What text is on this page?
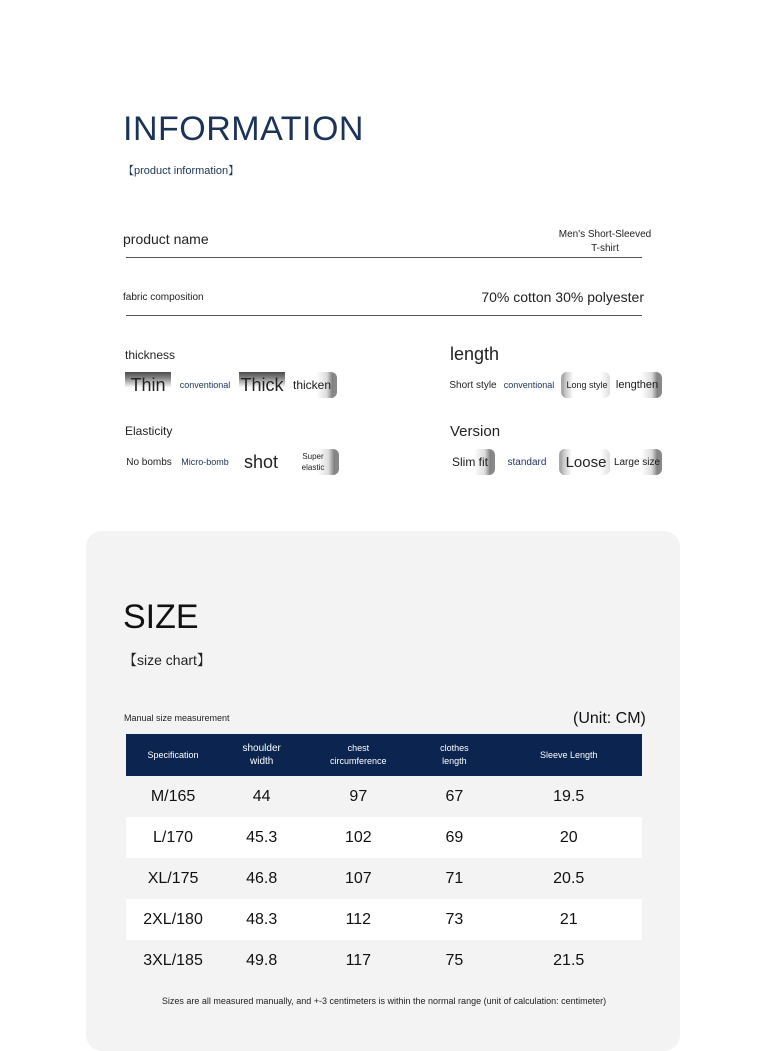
INFORMATION
【product information】
product name	Men's Short-Sleeved
T-shirt
fabric composition	70% cotton 30% polyester
thickness
Thin	conventional Thick thicken
length
Short style conventional	Long style lengthen
Elasticity
No bombs Micro-bomb shot	Super elastic
Version
Slim fit	standard	Loose Large size
SIZE
【size chart】
Manual size measurement	(Unit: CM)
Specification	shoulder width	chest circumference	clothes length	Sleeve Length
M/165	44	97	67	19.5
L/170	45.3	102	69	20
XL/175	46.8	107	71	20.5
2XL/180	48.3	112	73	21
3XL/185	49.8	117	75	21.5
Sizes are all measured manually, and +-3 centimeters is within the normal range (unit of calculation: centimeter)
